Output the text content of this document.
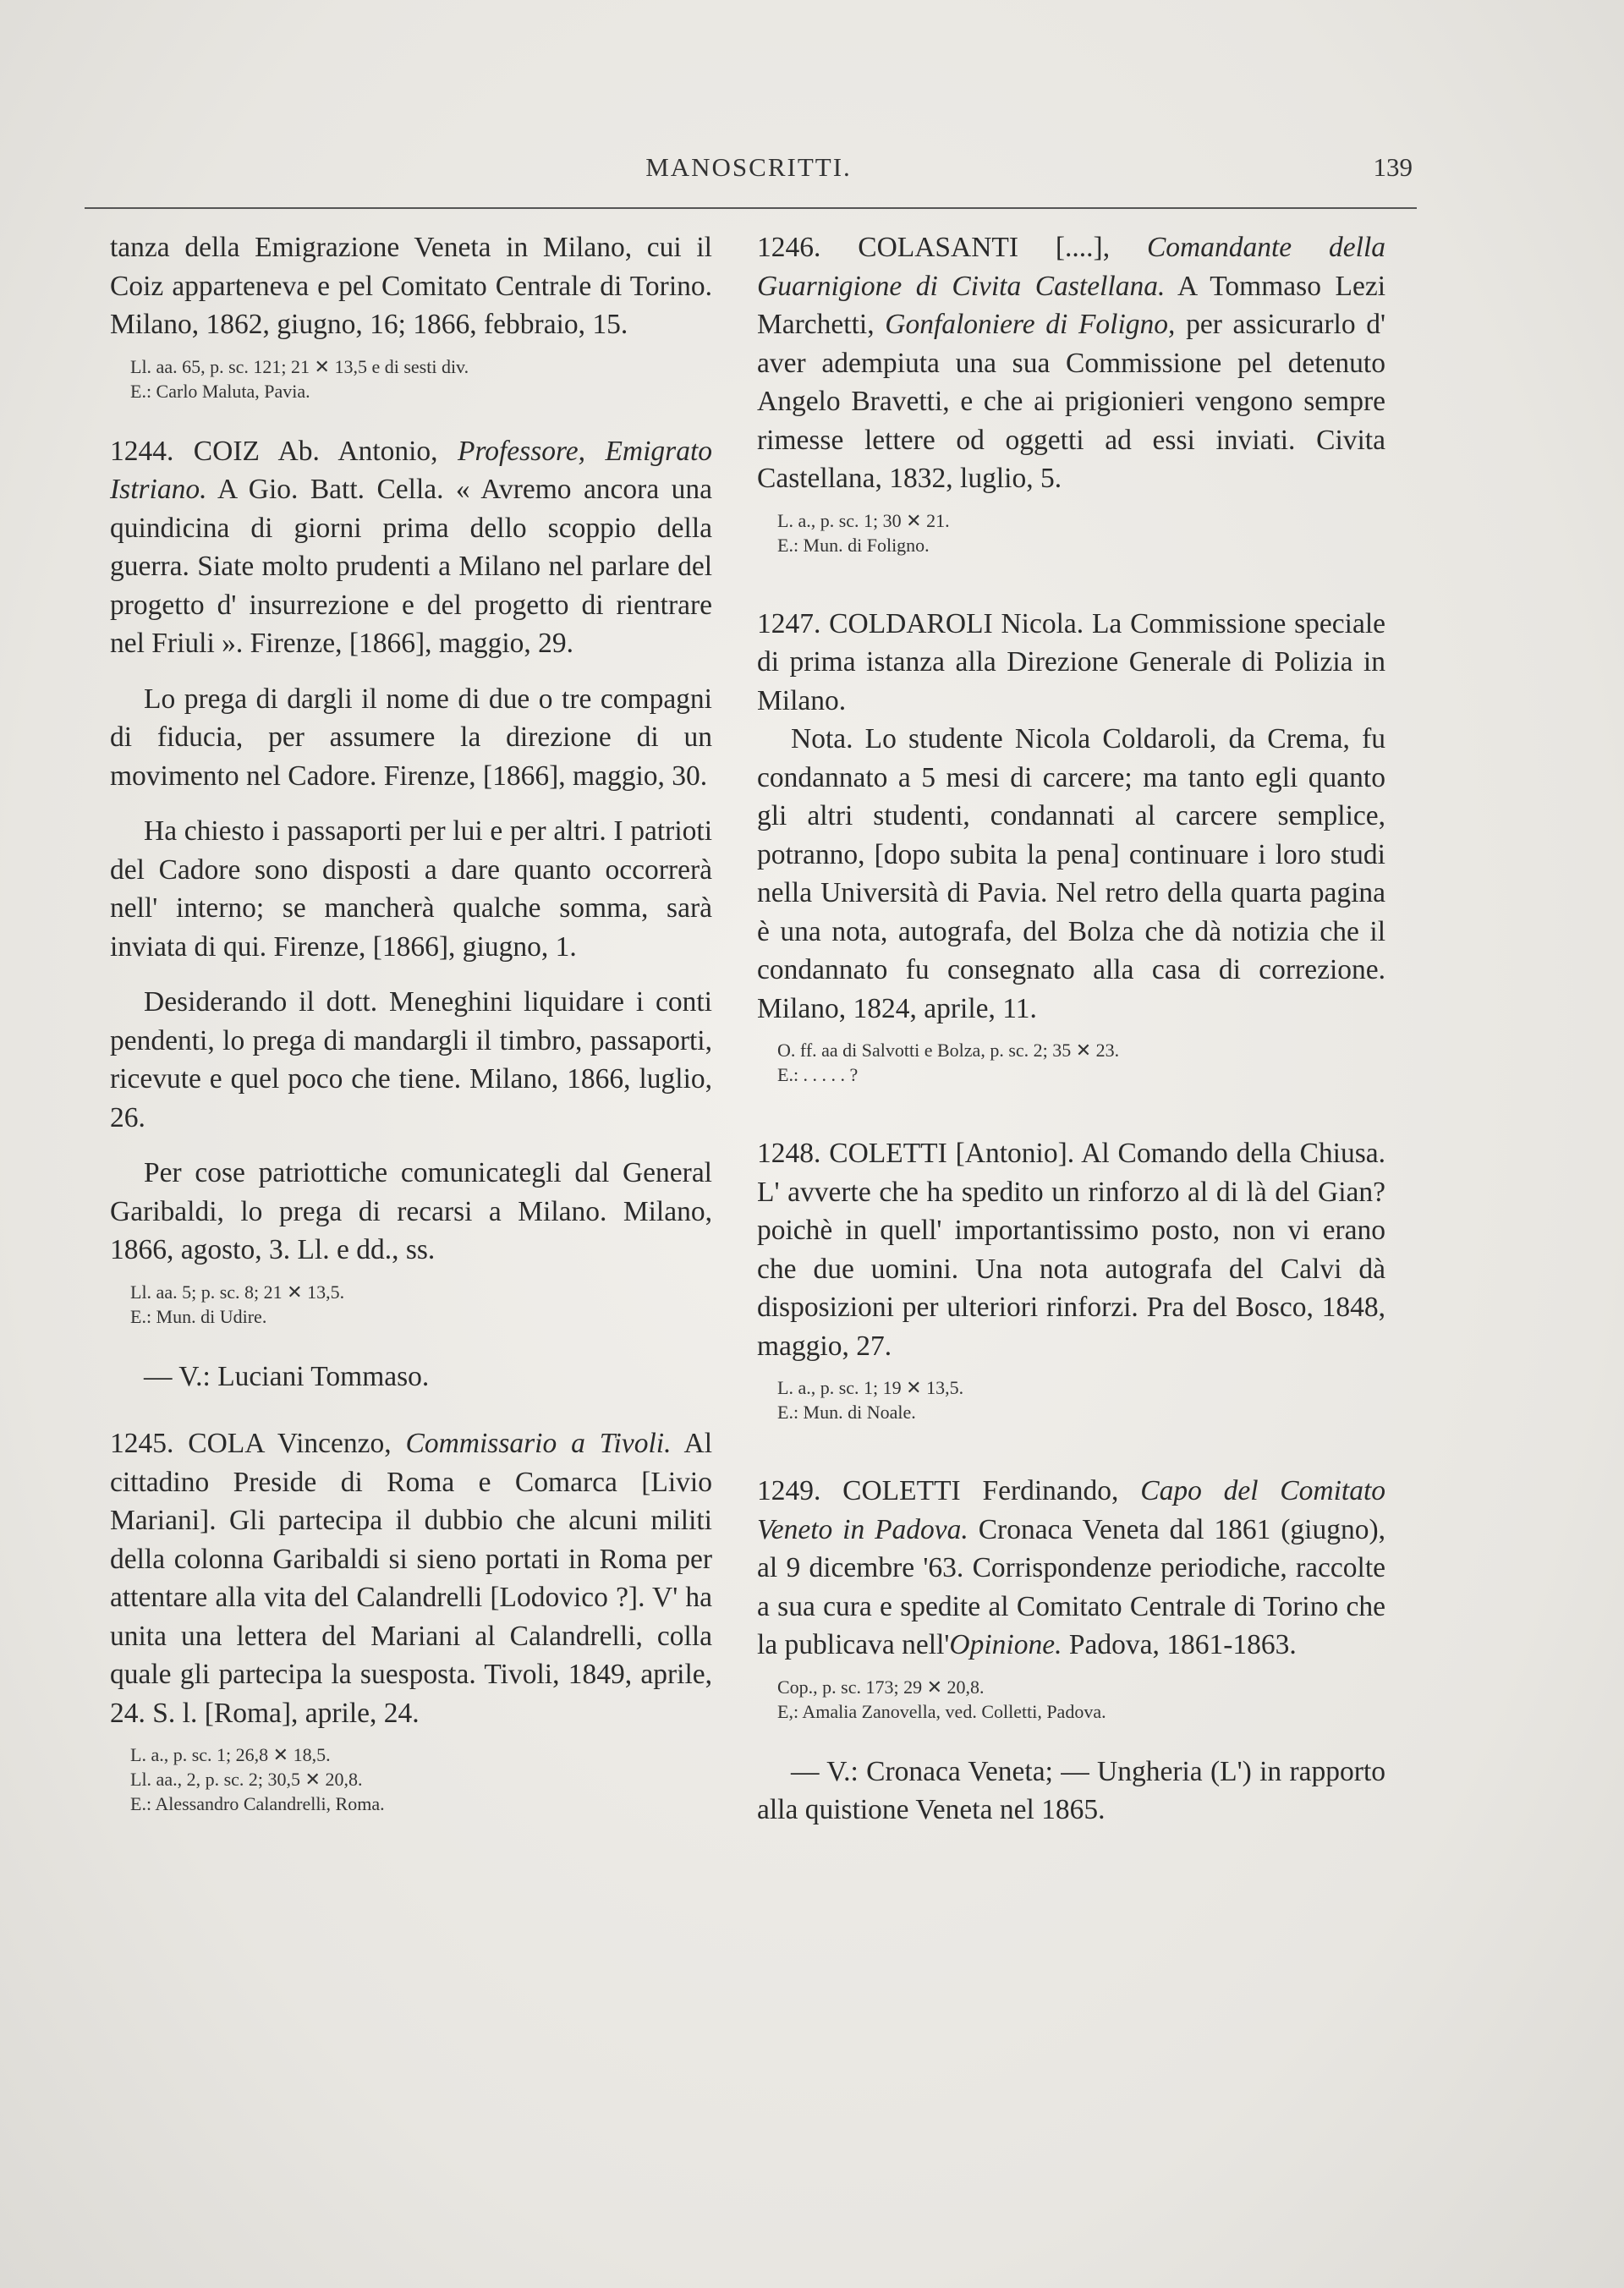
MANOSCRITTI.	139

tanza della Emigrazione Veneta in Milano, cui il Coiz apparteneva e pel Comitato Centrale di Torino. Milano, 1862, giugno, 16; 1866, febbraio, 15.

Ll. aa. 65, p. sc. 121; 21 ✕ 13,5 e di sesti div.
E.: Carlo Maluta, Pavia.

1244. COIZ Ab. Antonio, Professore, Emigrato Istriano. A Gio. Batt. Cella. « Avremo ancora una quindicina di giorni prima dello scoppio della guerra. Siate molto prudenti a Milano nel parlare del progetto d' insurrezione e del progetto di rientrare nel Friuli ». Firenze, [1866], maggio, 29.

Lo prega di dargli il nome di due o tre compagni di fiducia, per assumere la direzione di un movimento nel Cadore. Firenze, [1866], maggio, 30.

Ha chiesto i passaporti per lui e per altri. I patrioti del Cadore sono disposti a dare quanto occorrerà nell' interno; se mancherà qualche somma, sarà inviata di qui. Firenze, [1866], giugno, 1.

Desiderando il dott. Meneghini liquidare i conti pendenti, lo prega di mandargli il timbro, passaporti, ricevute e quel poco che tiene. Milano, 1866, luglio, 26.

Per cose patriottiche comunicategli dal General Garibaldi, lo prega di recarsi a Milano. Milano, 1866, agosto, 3. Ll. e dd., ss.

Ll. aa. 5; p. sc. 8; 21 ✕ 13,5.
E.: Mun. di Udire.

— V.: Luciani Tommaso.

1245. COLA Vincenzo, Commissario a Tivoli. Al cittadino Preside di Roma e Comarca [Livio Mariani]. Gli partecipa il dubbio che alcuni militi della colonna Garibaldi si sieno portati in Roma per attentare alla vita del Calandrelli [Lodovico ?]. V' ha unita una lettera del Mariani al Calandrelli, colla quale gli partecipa la suesposta. Tivoli, 1849, aprile, 24. S. l. [Roma], aprile, 24.

L. a., p. sc. 1; 26,8 ✕ 18,5.
Ll. aa., 2, p. sc. 2; 30,5 ✕ 20,8.
E.: Alessandro Calandrelli, Roma.

1246. COLASANTI [....], Comandante della Guarnigione di Civita Castellana. A Tommaso Lezi Marchetti, Gonfaloniere di Foligno, per assicurarlo d' aver adempiuta una sua Commissione pel detenuto Angelo Bravetti, e che ai prigionieri vengono sempre rimesse lettere od oggetti ad essi inviati. Civita Castellana, 1832, luglio, 5.

L. a., p. sc. 1; 30 ✕ 21.
E.: Mun. di Foligno.

1247. COLDAROLI Nicola. La Commissione speciale di prima istanza alla Direzione Generale di Polizia in Milano.

Nota. Lo studente Nicola Coldaroli, da Crema, fu condannato a 5 mesi di carcere; ma tanto egli quanto gli altri studenti, condannati al carcere semplice, potranno, [dopo subita la pena] continuare i loro studi nella Università di Pavia. Nel retro della quarta pagina è una nota, autografa, del Bolza che dà notizia che il condannato fu consegnato alla casa di correzione. Milano, 1824, aprile, 11.

O. ff. aa di Salvotti e Bolza, p. sc. 2; 35 ✕ 23.
E.: . . . . . ?

1248. COLETTI [Antonio]. Al Comando della Chiusa. L' avverte che ha spedito un rinforzo al di là del Gian? poichè in quell' importantissimo posto, non vi erano che due uomini. Una nota autografa del Calvi dà disposizioni per ulteriori rinforzi. Pra del Bosco, 1848, maggio, 27.

L. a., p. sc. 1; 19 ✕ 13,5.
E.: Mun. di Noale.

1249. COLETTI Ferdinando, Capo del Comitato Veneto in Padova. Cronaca Veneta dal 1861 (giugno), al 9 dicembre '63. Corrispondenze periodiche, raccolte a sua cura e spedite al Comitato Centrale di Torino che la publicava nell'Opinione. Padova, 1861-1863.

Cop., p. sc. 173; 29 ✕ 20,8.
E,: Amalia Zanovella, ved. Colletti, Padova.

— V.: Cronaca Veneta; — Ungheria (L') in rapporto alla quistione Veneta nel 1865.
